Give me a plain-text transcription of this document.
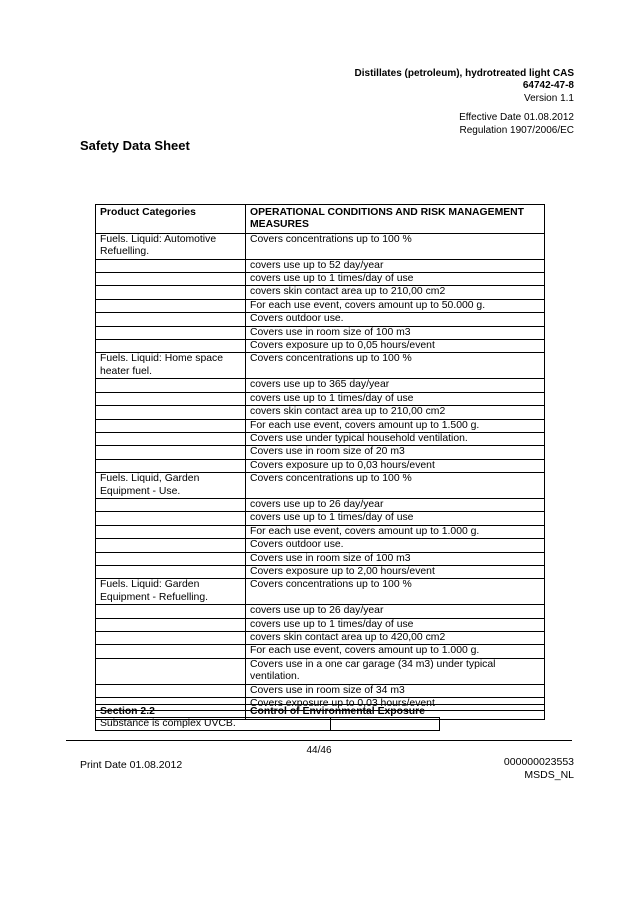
Distillates (petroleum), hydrotreated light CAS 64742-47-8
Version 1.1
Effective Date 01.08.2012
Regulation 1907/2006/EC
Safety Data Sheet
Product Categories	OPERATIONAL CONDITIONS AND RISK MANAGEMENT MEASURES
Fuels. Liquid: Automotive Refuelling.	Covers concentrations up to 100 %
	covers use up to 52 day/year
	covers use up to 1 times/day of use
	covers skin contact area up to 210,00 cm2
	For each use event, covers amount up to 50.000 g.
	Covers outdoor use.
	Covers use in room size of 100 m3
	Covers exposure up to 0,05 hours/event
Fuels. Liquid: Home space heater fuel.	Covers concentrations up to 100 %
	covers use up to 365 day/year
	covers use up to 1 times/day of use
	covers skin contact area up to 210,00 cm2
	For each use event, covers amount up to 1.500 g.
	Covers use under typical household ventilation.
	Covers use in room size of 20 m3
	Covers exposure up to 0,03 hours/event
Fuels. Liquid, Garden Equipment - Use.	Covers concentrations up to 100 %
	covers use up to 26 day/year
	covers use up to 1 times/day of use
	For each use event, covers amount up to 1.000 g.
	Covers outdoor use.
	Covers use in room size of 100 m3
	Covers exposure up to 2,00 hours/event
Fuels. Liquid: Garden Equipment - Refuelling.	Covers concentrations up to 100 %
	covers use up to 26 day/year
	covers use up to 1 times/day of use
	covers skin contact area up to 420,00 cm2
	For each use event, covers amount up to 1.000 g.
	Covers use in a one car garage (34 m3) under typical ventilation.
	Covers use in room size of 34 m3
	Covers exposure up to 0,03 hours/event
Section 2.2	Control of Environmental Exposure
Substance is complex UVCB.	
44/46
Print Date 01.08.2012	000000023553
MSDS_NL
